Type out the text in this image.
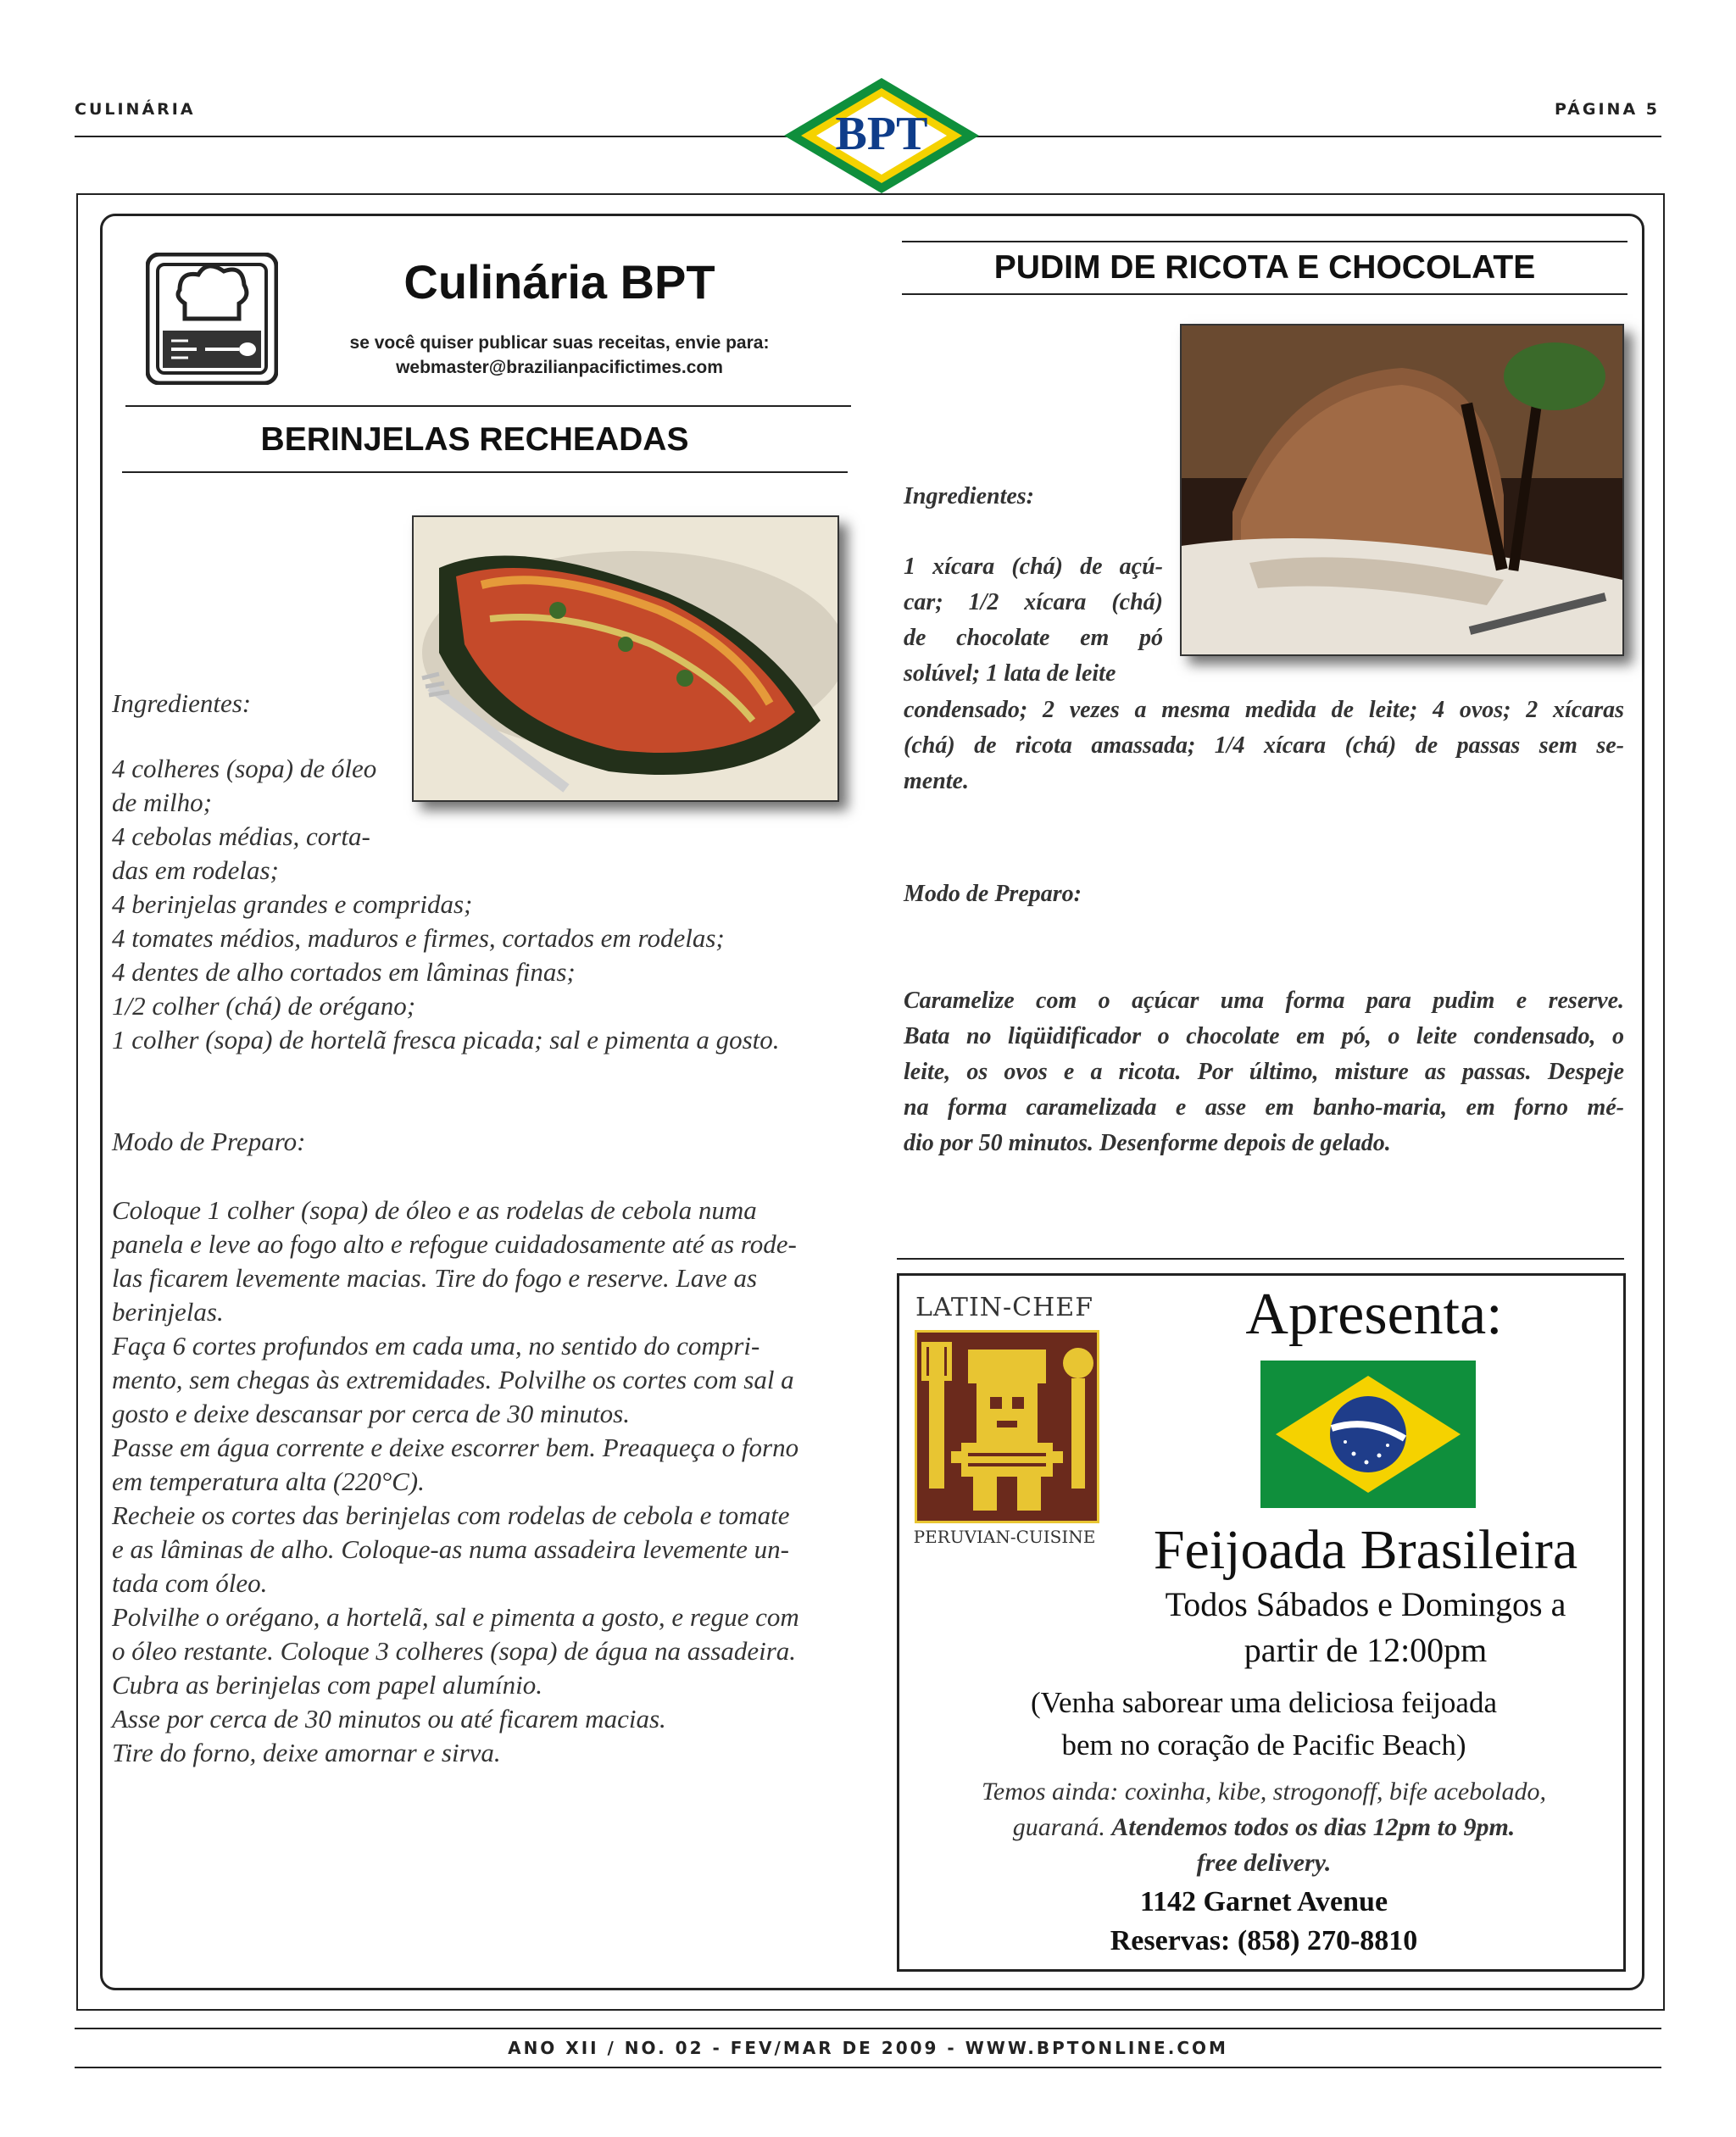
CULINÁRIA	PÁGINA 5
BPT
Culinária BPT
se você quiser publicar suas receitas, envie para:
webmaster@brazilianpacifictimes.com
BERINJELAS RECHEADAS
Ingredientes:
4 colheres (sopa) de óleo
de milho;
4 cebolas médias, corta-
das em rodelas;
4 berinjelas grandes e compridas;
4 tomates médios, maduros e firmes, cortados em rodelas;
4 dentes de alho cortados em lâminas finas;
1/2 colher (chá) de orégano;
1 colher (sopa) de hortelã fresca picada; sal e pimenta a gosto.
Modo de Preparo:
Coloque 1 colher (sopa) de óleo e as rodelas de cebola numa
panela e leve ao fogo alto e refogue cuidadosamente até as rode-
las ficarem levemente macias. Tire do fogo e reserve. Lave as
berinjelas.
Faça 6 cortes profundos em cada uma, no sentido do compri-
mento, sem chegas às extremidades. Polvilhe os cortes com sal a
gosto e deixe descansar por cerca de 30 minutos.
Passe em água corrente e deixe escorrer bem. Preaqueça o forno
em temperatura alta (220°C).
Recheie os cortes das berinjelas com rodelas de cebola e tomate
e as lâminas de alho. Coloque-as numa assadeira levemente un-
tada com óleo.
Polvilhe o orégano, a hortelã, sal e pimenta a gosto, e regue com
o óleo restante. Coloque 3 colheres (sopa) de água na assadeira.
Cubra as berinjelas com papel alumínio.
Asse por cerca de 30 minutos ou até ficarem macias.
Tire do forno, deixe amornar e sirva.
PUDIM DE RICOTA E CHOCOLATE
Ingredientes:
1 xícara (chá) de açú-
car; 1/2 xícara (chá)
de chocolate em pó
solúvel; 1 lata de leite
condensado; 2 vezes a mesma medida de leite; 4 ovos; 2 xícaras
(chá) de ricota amassada; 1/4 xícara (chá) de passas sem se-
mente.
Modo de Preparo:
Caramelize com o açúcar uma forma para pudim e reserve.
Bata no liqüidificador o chocolate em pó, o leite condensado, o
leite, os ovos e a ricota. Por último, misture as passas. Despeje
na forma caramelizada e asse em banho-maria, em forno mé-
dio por 50 minutos. Desenforme depois de gelado.
LATIN-CHEF
PERUVIAN-CUISINE
Apresenta:
Feijoada Brasileira
Todos Sábados e Domingos a
partir de 12:00pm
(Venha saborear uma deliciosa feijoada
bem no coração de Pacific Beach)
Temos ainda: coxinha, kibe, strogonoff, bife acebolado,
guaraná. Atendemos todos os dias 12pm to 9pm.
free delivery.
1142 Garnet Avenue
Reservas: (858) 270-8810
ANO XII / NO. 02 - FEV/MAR DE 2009 - WWW.BPTONLINE.COM
